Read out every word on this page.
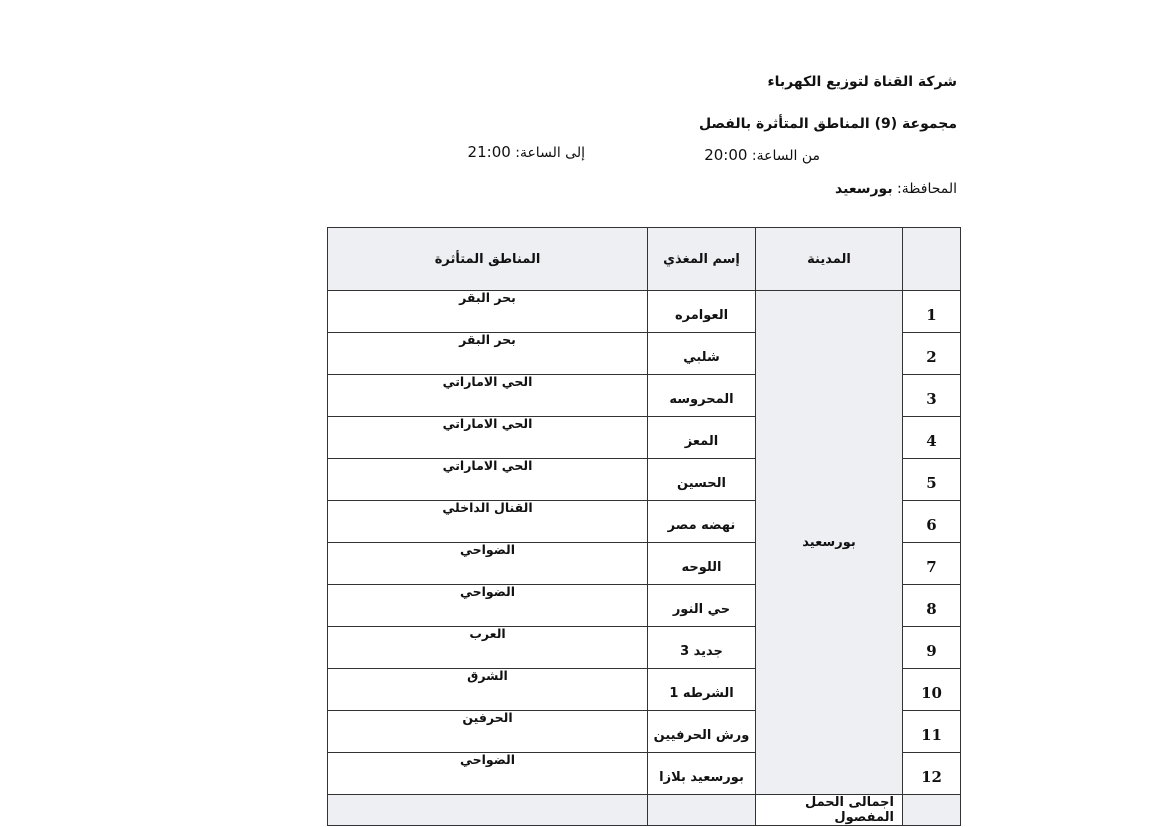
شركة القناة لتوزيع الكهرباء
مجموعة (9) المناطق المتأثرة بالفصل
من الساعة: 20:00
إلى الساعة: 21:00
المحافظة: بورسعيد
	المدينة	إسم المغذي	المناطق المتأثرة
1	بورسعيد	العوامره	بحر البقر
2		شلبي	بحر البقر
3		المحروسه	الحي الاماراتي
4		المعز	الحي الاماراتي
5		الحسين	الحي الاماراتي
6		نهضه مصر	القنال الداخلي
7		اللوحه	الضواحي
8		حي النور	الضواحي
9		جديد 3	العرب
10		الشرطه 1	الشرق
11		ورش الحرفيين	الحرفين
12		بورسعيد بلازا	الضواحي
	اجمالى الحمل المفصول		
